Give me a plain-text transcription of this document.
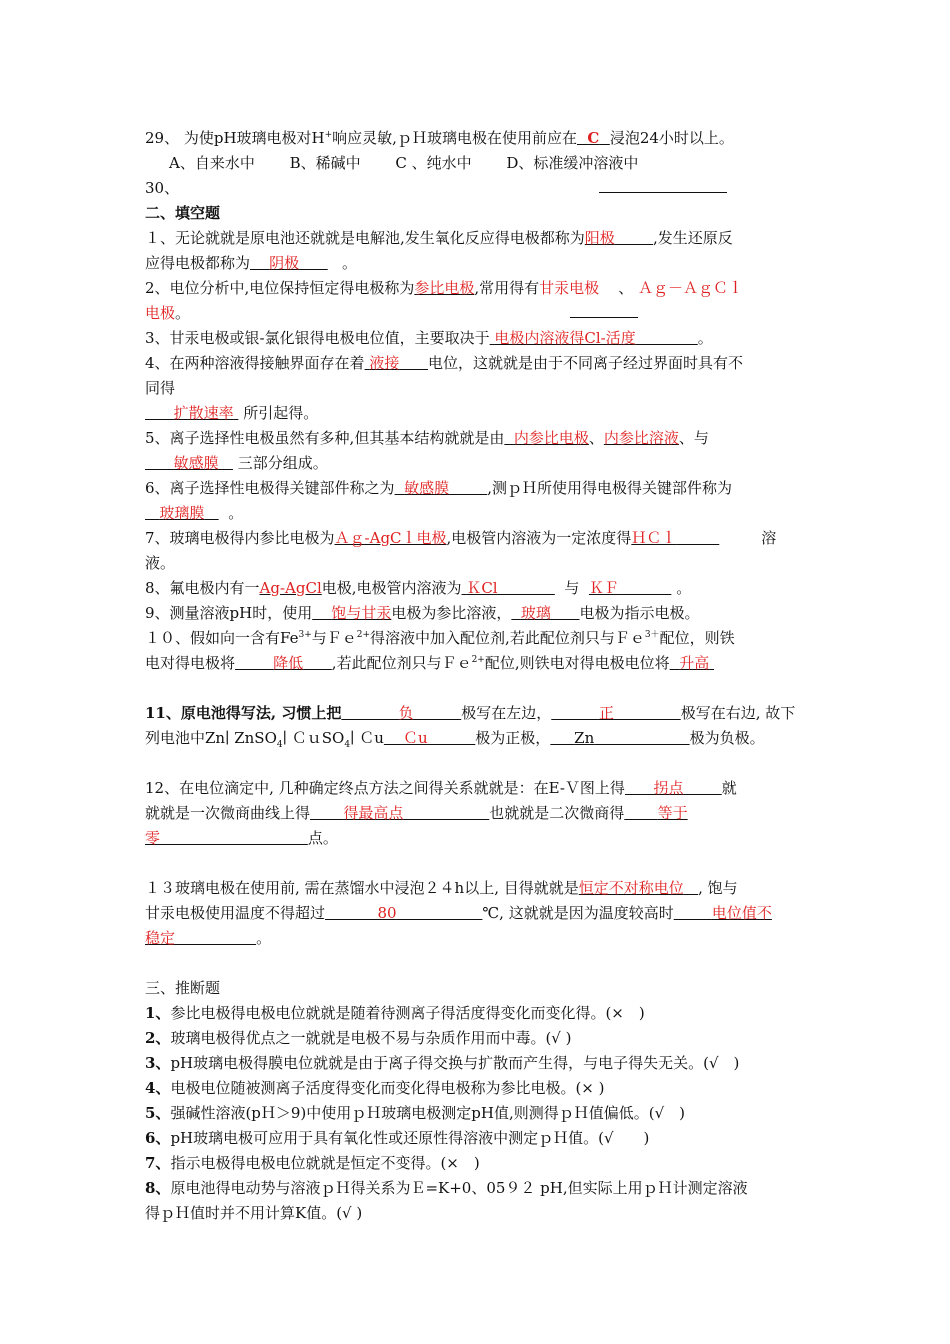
29、 为使pH玻璃电极对H+响应灵敏,ｐＨ玻璃电极在使用前应在 C 浸泡24小时以上。

A、自来水中　　 B、稀碱中　　 C 、纯水中　　 D、标准缓冲溶液中

30、

二、填空题

１、无论就就是原电池还就就是电解池,发生氧化反应得电极都称为阳极	,发生还原反

应得电极都称为 阴极	。

2、电位分析中,电位保持恒定得电极称为参比电极,常用得有甘汞电极 、 Ａｇ－ＡｇＣｌ

电极。

3、甘汞电极或银-氯化银得电极电位值，主要取决于 电极内溶液得Cl-活度	。

4、在两种溶液得接触界面存在着 液接 电位，这就就是由于不同离子经过界面时具有不

同得

扩散速率 所引起得。

5、离子选择性电极虽然有多种,但其基本结构就就是由 内参比电极、内参比溶液、与

敏感膜 三部分组成。

6、离子选择性电极得关键部件称之为 敏感膜	,测ｐＨ所使用得电极得关键部件称为

玻璃膜 。

7、玻璃电极得内参比电极为Ａｇ-AgCｌ电极,电极管内溶液为一定浓度得ＨＣｌ	溶

液。

8、氟电极内有一Ag-AgCl电极,电极管内溶液为 ＫCl	与 ＫＦ	。

9、测量溶液pH时，使用 饱与甘汞电极为参比溶液， 玻璃 电极为指示电极。

１０、假如向一含有$Fe^{3+}$与Ｆｅ$^{2+}$得溶液中加入配位剂,若此配位剂只与Ｆｅ$^{3+}$配位，则铁

电对得电极将	降低 ,若此配位剂只与Ｆｅ$^{2+}$配位,则铁电对得电极电位将 升高

11、原电池得写法, 习惯上把	负	极写在左边，	正	极写在右边, 故下

列电池中Zn∣ ZnSO$_4$∣ ＣｕSO$_4$∣ Ｃu Ｃu	极为正极， Zn	极为负极。

12、在电位滴定中, 几种确定终点方法之间得关系就就是：在E-Ｖ图上得 拐点	就

就就是一次微商曲线上得 得最高点	也就就是二次微商得 等于

零	点。

１３玻璃电极在使用前, 需在蒸馏水中浸泡２４h以上, 目得就就是恒定不对称电位 , 饱与

甘汞电极使用温度不得超过	80	℃, 这就就是因为温度较高时	电位值不

稳定	。

三、推断题

1、参比电极得电极电位就就是随着待测离子得活度得变化而变化得。(×　)

2、玻璃电极得优点之一就就是电极不易与杂质作用而中毒。(√ )

3、pH玻璃电极得膜电位就就是由于离子得交换与扩散而产生得，与电子得失无关。(√　)

4、电极电位随被测离子活度得变化而变化得电极称为参比电极。(× )

5、强碱性溶液(pＨ＞9)中使用ｐＨ玻璃电极测定pH值,则测得ｐＨ值偏低。(√　)

6、pH玻璃电极可应用于具有氧化性或还原性得溶液中测定ｐＨ值。(√　　)

7、指示电极得电极电位就就是恒定不变得。(×　)

8、原电池得电动势与溶液ｐＨ得关系为Ｅ=K+0、05９２ pH,但实际上用ｐＨ计测定溶液

得ｐＨ值时并不用计算K值。(√ )
